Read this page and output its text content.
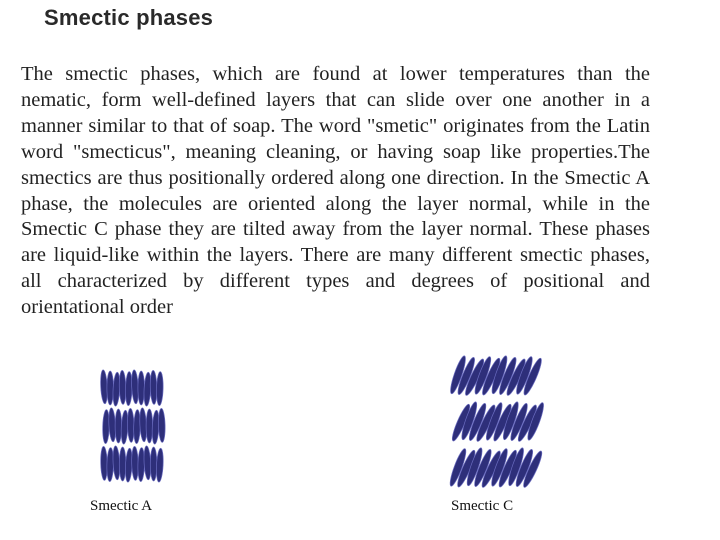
Smectic phases

The smectic phases, which are found at lower temperatures than the nematic, form well-defined layers that can slide over one another in a manner similar to that of soap. The word "smetic" originates from the Latin word "smecticus", meaning cleaning, or having soap like properties.The smectics are thus positionally ordered along one direction. In the Smectic A phase, the molecules are oriented along the layer normal, while in the Smectic C phase they are tilted away from the layer normal. These phases are liquid-like within the layers. There are many different smectic phases, all characterized by different types and degrees of positional and orientational order

Smectic A	Smectic C
